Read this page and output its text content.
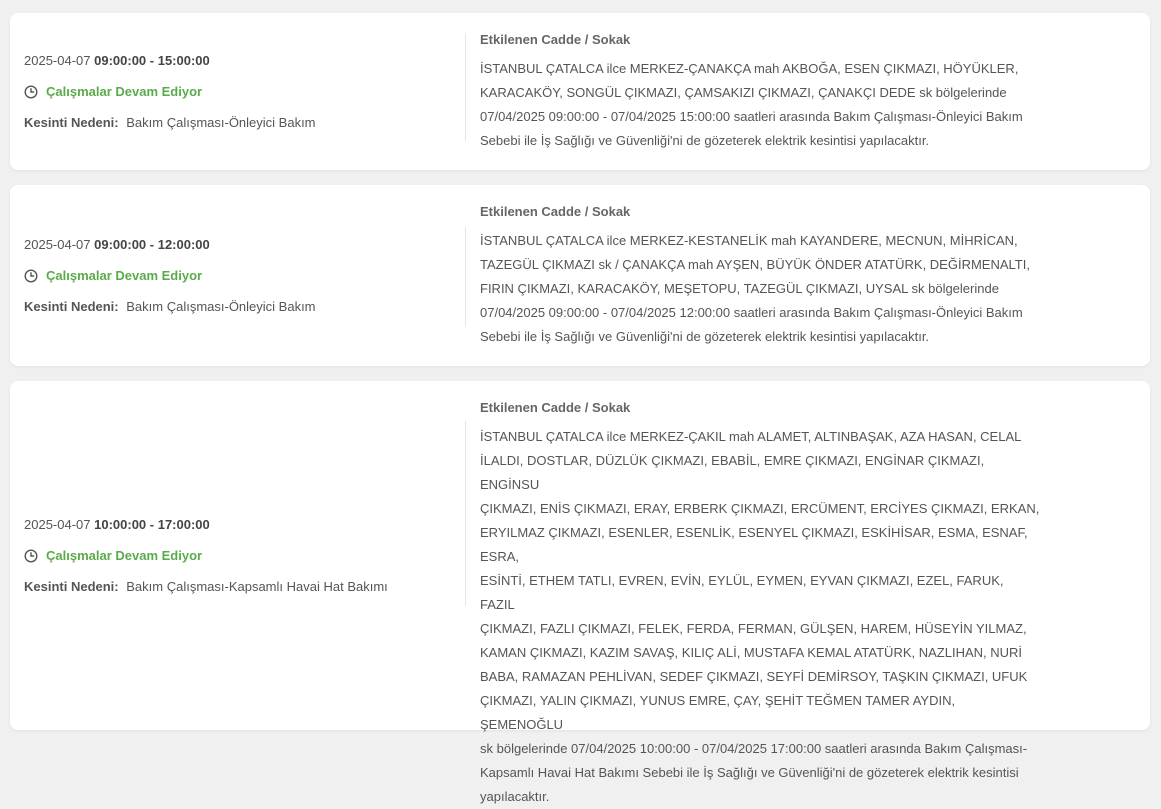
2025-04-07 09:00:00 - 15:00:00
Çalışmalar Devam Ediyor
Kesinti Nedeni: Bakım Çalışması-Önleyici Bakım
Etkilenen Cadde / Sokak
İSTANBUL ÇATALCA ilce MERKEZ-ÇANAKÇA mah AKBOĞA, ESEN ÇIKMAZI, HÖYÜKLER,
KARACAKÖY, SONGÜL ÇIKMAZI, ÇAMSAKIZI ÇIKMAZI, ÇANAKÇI DEDE sk bölgelerinde
07/04/2025 09:00:00 - 07/04/2025 15:00:00 saatleri arasında Bakım Çalışması-Önleyici Bakım
Sebebi ile İş Sağlığı ve Güvenliği'ni de gözeterek elektrik kesintisi yapılacaktır.
2025-04-07 09:00:00 - 12:00:00
Çalışmalar Devam Ediyor
Kesinti Nedeni: Bakım Çalışması-Önleyici Bakım
Etkilenen Cadde / Sokak
İSTANBUL ÇATALCA ilce MERKEZ-KESTANELİK mah KAYANDERE, MECNUN, MİHRİCAN,
TAZEGÜL ÇIKMAZI sk / ÇANAKÇA mah AYŞEN, BÜYÜK ÖNDER ATATÜRK, DEĞİRMENALTI,
FIRIN ÇIKMAZI, KARACAKÖY, MEŞETOPU, TAZEGÜL ÇIKMAZI, UYSAL sk bölgelerinde
07/04/2025 09:00:00 - 07/04/2025 12:00:00 saatleri arasında Bakım Çalışması-Önleyici Bakım
Sebebi ile İş Sağlığı ve Güvenliği'ni de gözeterek elektrik kesintisi yapılacaktır.
2025-04-07 10:00:00 - 17:00:00
Çalışmalar Devam Ediyor
Kesinti Nedeni: Bakım Çalışması-Kapsamlı Havai Hat Bakımı
Etkilenen Cadde / Sokak
İSTANBUL ÇATALCA ilce MERKEZ-ÇAKIL mah ALAMET, ALTINBAŞAK, AZA HASAN, CELAL
İLALDI, DOSTLAR, DÜZLÜK ÇIKMAZI, EBABİL, EMRE ÇIKMAZI, ENGİNAR ÇIKMAZI, ENGİNSU
ÇIKMAZI, ENİS ÇIKMAZI, ERAY, ERBERK ÇIKMAZI, ERCÜMENT, ERCİYES ÇIKMAZI, ERKAN,
ERYILMAZ ÇIKMAZI, ESENLER, ESENLİK, ESENYEL ÇIKMAZI, ESKİHİSAR, ESMA, ESNAF, ESRA,
ESİNTİ, ETHEM TATLI, EVREN, EVİN, EYLÜL, EYMEN, EYVAN ÇIKMAZI, EZEL, FARUK, FAZIL
ÇIKMAZI, FAZLI ÇIKMAZI, FELEK, FERDA, FERMAN, GÜLŞEN, HAREM, HÜSEYİN YILMAZ,
KAMAN ÇIKMAZI, KAZIM SAVAŞ, KILIÇ ALİ, MUSTAFA KEMAL ATATÜRK, NAZLIHAN, NURİ
BABA, RAMAZAN PEHLİVAN, SEDEF ÇIKMAZI, SEYFİ DEMİRSOY, TAŞKIN ÇIKMAZI, UFUK
ÇIKMAZI, YALIN ÇIKMAZI, YUNUS EMRE, ÇAY, ŞEHİT TEĞMEN TAMER AYDIN, ŞEMENOĞLU
sk bölgelerinde 07/04/2025 10:00:00 - 07/04/2025 17:00:00 saatleri arasında Bakım Çalışması-
Kapsamlı Havai Hat Bakımı Sebebi ile İş Sağlığı ve Güvenliği'ni de gözeterek elektrik kesintisi
yapılacaktır.
